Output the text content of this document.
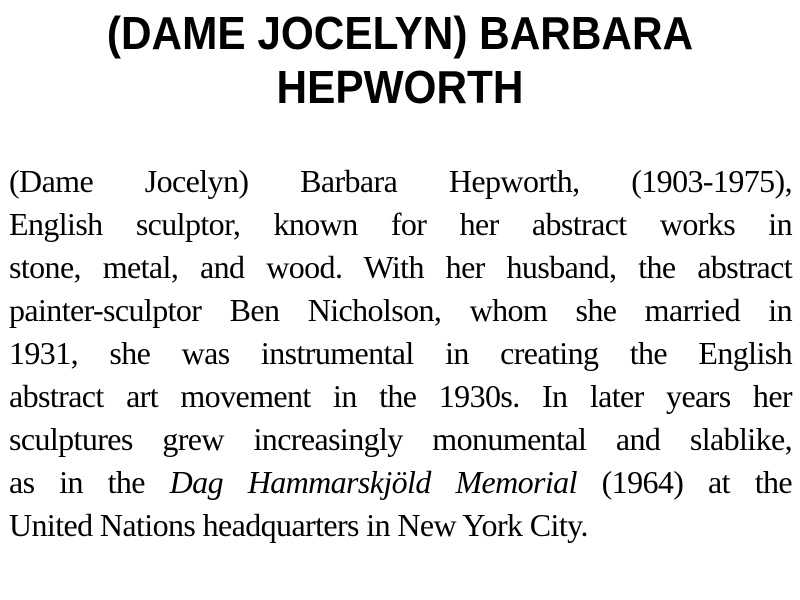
(DAME JOCELYN) BARBARA
HEPWORTH
(Dame Jocelyn) Barbara Hepworth, (1903-1975),
English sculptor, known for her abstract works in
stone, metal, and wood. With her husband, the abstract
painter-sculptor Ben Nicholson, whom she married in
1931, she was instrumental in creating the English
abstract art movement in the 1930s. In later years her
sculptures grew increasingly monumental and slablike,
as in the Dag Hammarskjöld Memorial (1964) at the
United Nations headquarters in New York City.
